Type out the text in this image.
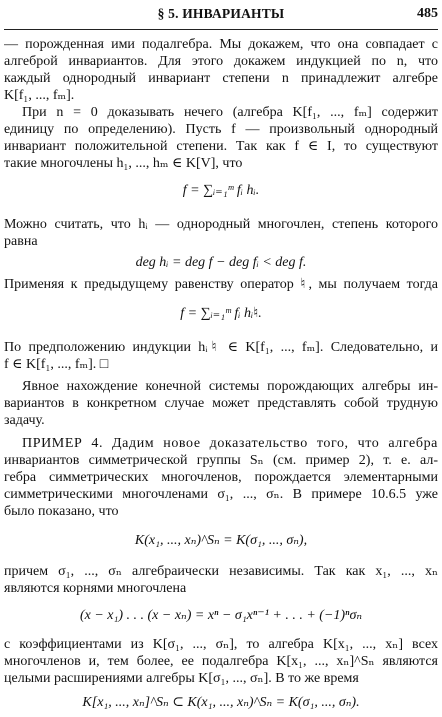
§ 5. ИНВАРИАНТЫ	485
— порожденная ими подалгебра. Мы докажем, что она совпадает с
алгеброй инвариантов. Для этого докажем индукцией по n, что
каждый однородный инвариант степени n принадлежит алгебре
K[f₁, ..., fₘ].
При n = 0 доказывать нечего (алгебра K[f₁, ..., fₘ] содержит
единицу по определению). Пусть f — произвольный однородный
инвариант положительной степени. Так как f ∈ I, то существуют
такие многочлены h₁, ..., hₘ ∈ K[V], что
f = ∑ᵢ₌₁ᵐ fᵢ hᵢ.
Можно считать, что hᵢ — однородный многочлен, степень которого
равна
deg hᵢ = deg f − deg fᵢ < deg f.
Применяя к предыдущему равенству оператор ♮, мы получаем тогда
f = ∑ᵢ₌₁ᵐ fᵢ hᵢ♮.
По предположению индукции hᵢ♮ ∈ K[f₁, ..., fₘ]. Следовательно, и
f ∈ K[f₁, ..., fₘ]. □
Явное нахождение конечной системы порождающих алгебры ин-
вариантов в конкретном случае может представлять собой трудную
задачу.
ПРИМЕР 4. Дадим новое доказательство того, что алгебра
инвариантов симметрической группы Sₙ (см. пример 2), т. е. ал-
гебра симметрических многочленов, порождается элементарными
симметрическими многочленами σ₁, ..., σₙ. В примере 10.6.5 уже
было показано, что
K(x₁, ..., xₙ)^Sₙ = K(σ₁, ..., σₙ),
причем σ₁, ..., σₙ алгебраически независимы. Так как x₁, ..., xₙ
являются корнями многочлена
(x − x₁) . . . (x − xₙ) = xⁿ − σ₁xⁿ⁻¹ + . . . + (−1)ⁿσₙ
с коэффициентами из K[σ₁, ..., σₙ], то алгебра K[x₁, ..., xₙ] всех
многочленов и, тем более, ее подалгебра K[x₁, ..., xₙ]^Sₙ являются
целыми расширениями алгебры K[σ₁, ..., σₙ]. В то же время
K[x₁, ..., xₙ]^Sₙ ⊂ K(x₁, ..., xₙ)^Sₙ = K(σ₁, ..., σₙ).
